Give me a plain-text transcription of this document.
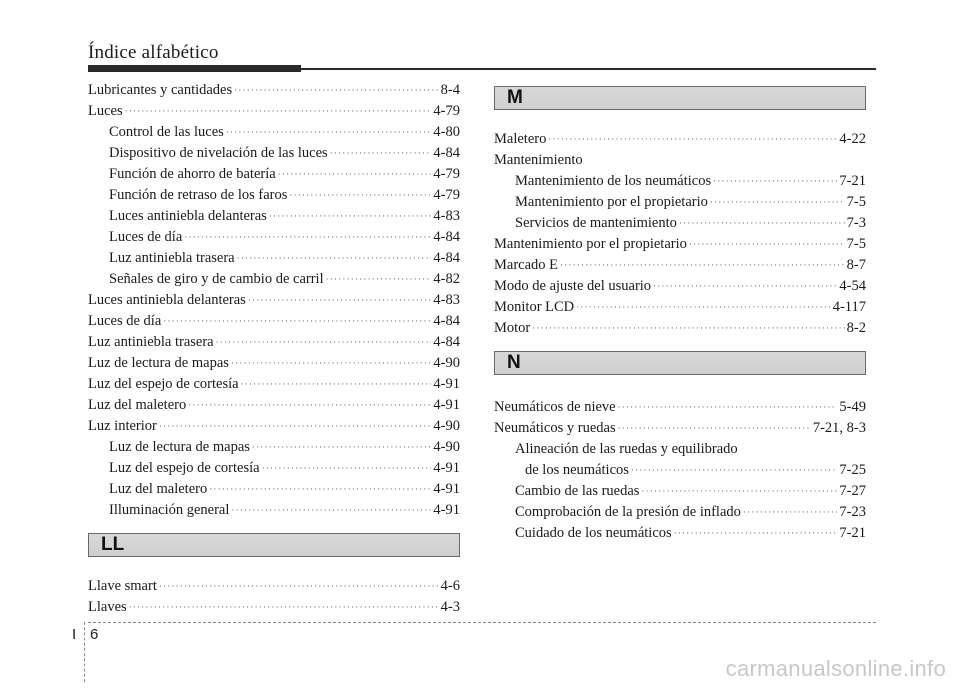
Índice alfabético
Lubricantes y cantidades ·····	8-4
Luces ·····	4-79
Control de las luces ·····	4-80
Dispositivo de nivelación de las luces ·····	4-84
Función de ahorro de batería ·····	4-79
Función de retraso de los faros ·····	4-79
Luces antiniebla delanteras ·····	4-83
Luces de día ·····	4-84
Luz antiniebla trasera ·····	4-84
Señales de giro y de cambio de carril ·····	4-82
Luces antiniebla delanteras ·····	4-83
Luces de día ·····	4-84
Luz antiniebla trasera ·····	4-84
Luz de lectura de mapas ·····	4-90
Luz del espejo de cortesía ·····	4-91
Luz del maletero ·····	4-91
Luz interior ·····	4-90
Luz de lectura de mapas ·····	4-90
Luz del espejo de cortesía ·····	4-91
Luz del maletero ·····	4-91
Illuminación general ·····	4-91
LL
Llave smart ·····	4-6
Llaves ·····	4-3
M
Maletero ·····	4-22
Mantenimiento
Mantenimiento de los neumáticos ·····	7-21
Mantenimiento por el propietario ·····	7-5
Servicios de mantenimiento ·····	7-3
Mantenimiento por el propietario ·····	7-5
Marcado E ·····	8-7
Modo de ajuste del usuario ·····	4-54
Monitor LCD ·····	4-117
Motor ·····	8-2
N
Neumáticos de nieve ·····	5-49
Neumáticos y ruedas ·····	7-21, 8-3
Alineación de las ruedas y equilibrado
de los neumáticos ·····	7-25
Cambio de las ruedas ·····	7-27
Comprobación de la presión de inflado ·····	7-23
Cuidado de los neumáticos ·····	7-21
I 6
carmanualsonline.info
